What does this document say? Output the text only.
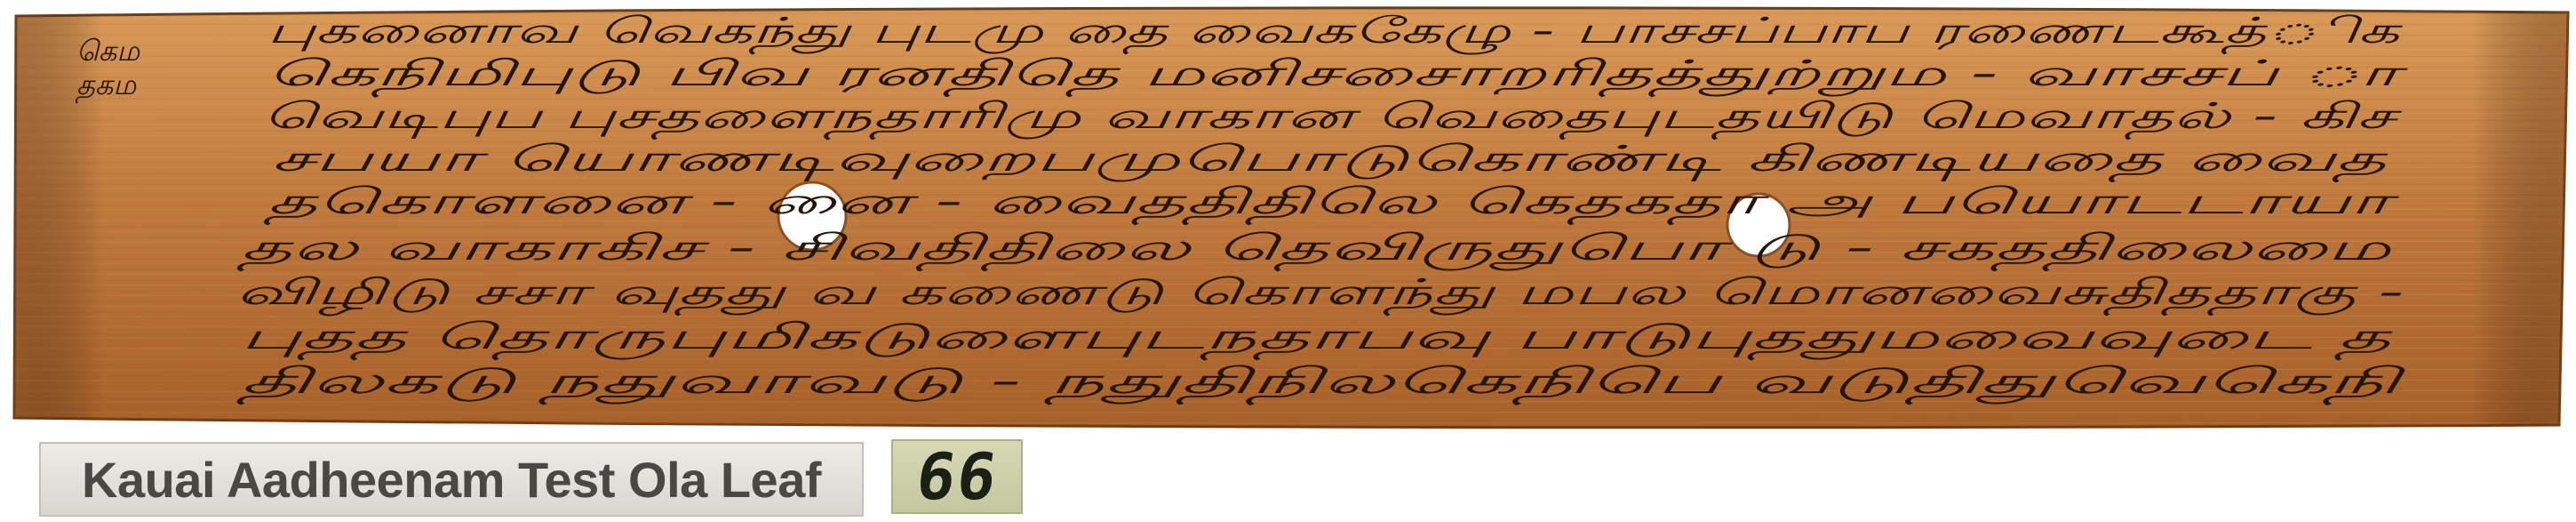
கெம
தகம
புகனைாவ வெகந்து புடமு தை வைககேழு - பாசசப்பாப ரணைடகூத்ிக
கெநிமிபுடு பிவ ரனதிதெ மனிசசைாறரிதத்துற்றும - வாசசப் ா
வெடிபுப புசதளைநதாரிமு வாகான வெதைபுடதயிடு மெவாதல் - கிச
சபயா யொணடிவுறைபமுபொடுகொண்டி கிணடியதை வைத
தகொளனை - னை - வைததிதிலெ கெதகதா அ பயொடடாயா
தல வாகாகிச - சிவதிதிலை தெவிருதுபொ டு - சகததிலைமை
விழிடு சசா வுதது வ கணைடு கொளந்து மபல மொனவைசுதிததாகு -
புதத தொருபுமிகடுளைபுடநதாபவு பாடுபுததுமவைவுடை த
திலகடு நதுவாவடு - நதுதிநிலகெநிபெ வடுதிதுவெகெநி
Kauai Aadheenam Test Ola Leaf 66
